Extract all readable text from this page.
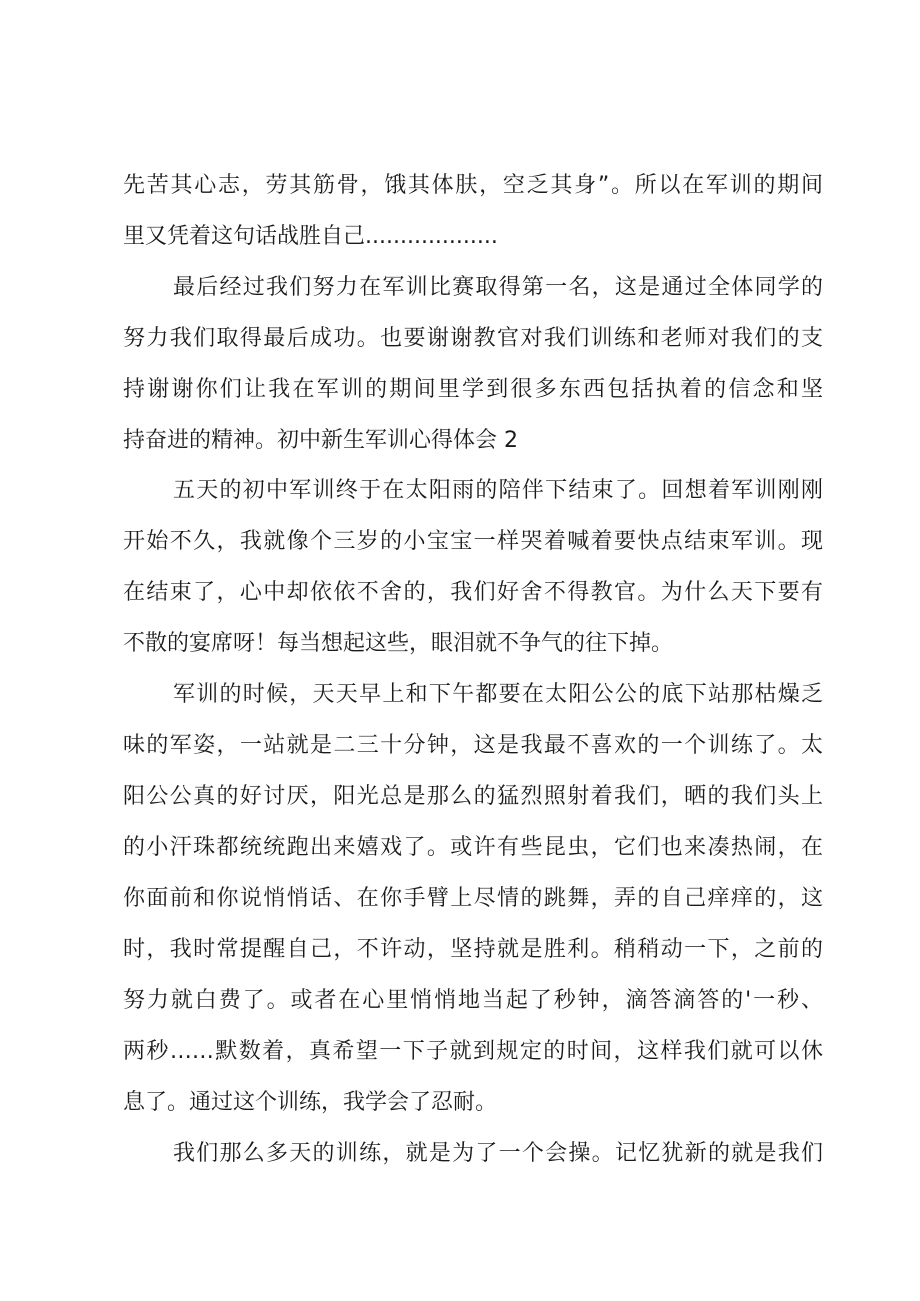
先苦其心志，劳其筋骨，饿其体肤，空乏其身”。所以在军训的期间
里又凭着这句话战胜自己...................
最后经过我们努力在军训比赛取得第一名，这是通过全体同学的
努力我们取得最后成功。也要谢谢教官对我们训练和老师对我们的支
持谢谢你们让我在军训的期间里学到很多东西包括执着的信念和坚
持奋进的精神。初中新生军训心得体会 2
五天的初中军训终于在太阳雨的陪伴下结束了。回想着军训刚刚
开始不久，我就像个三岁的小宝宝一样哭着喊着要快点结束军训。现
在结束了，心中却依依不舍的，我们好舍不得教官。为什么天下要有
不散的宴席呀！每当想起这些，眼泪就不争气的往下掉。
军训的时候，天天早上和下午都要在太阳公公的底下站那枯燥乏
味的军姿，一站就是二三十分钟，这是我最不喜欢的一个训练了。太
阳公公真的好讨厌，阳光总是那么的猛烈照射着我们，晒的我们头上
的小汗珠都统统跑出来嬉戏了。或许有些昆虫，它们也来凑热闹，在
你面前和你说悄悄话、在你手臂上尽情的跳舞，弄的自己痒痒的，这
时，我时常提醒自己，不许动，坚持就是胜利。稍稍动一下，之前的
努力就白费了。或者在心里悄悄地当起了秒钟，滴答滴答的'一秒、
两秒……默数着，真希望一下子就到规定的时间，这样我们就可以休
息了。通过这个训练，我学会了忍耐。
我们那么多天的训练，就是为了一个会操。记忆犹新的就是我们
